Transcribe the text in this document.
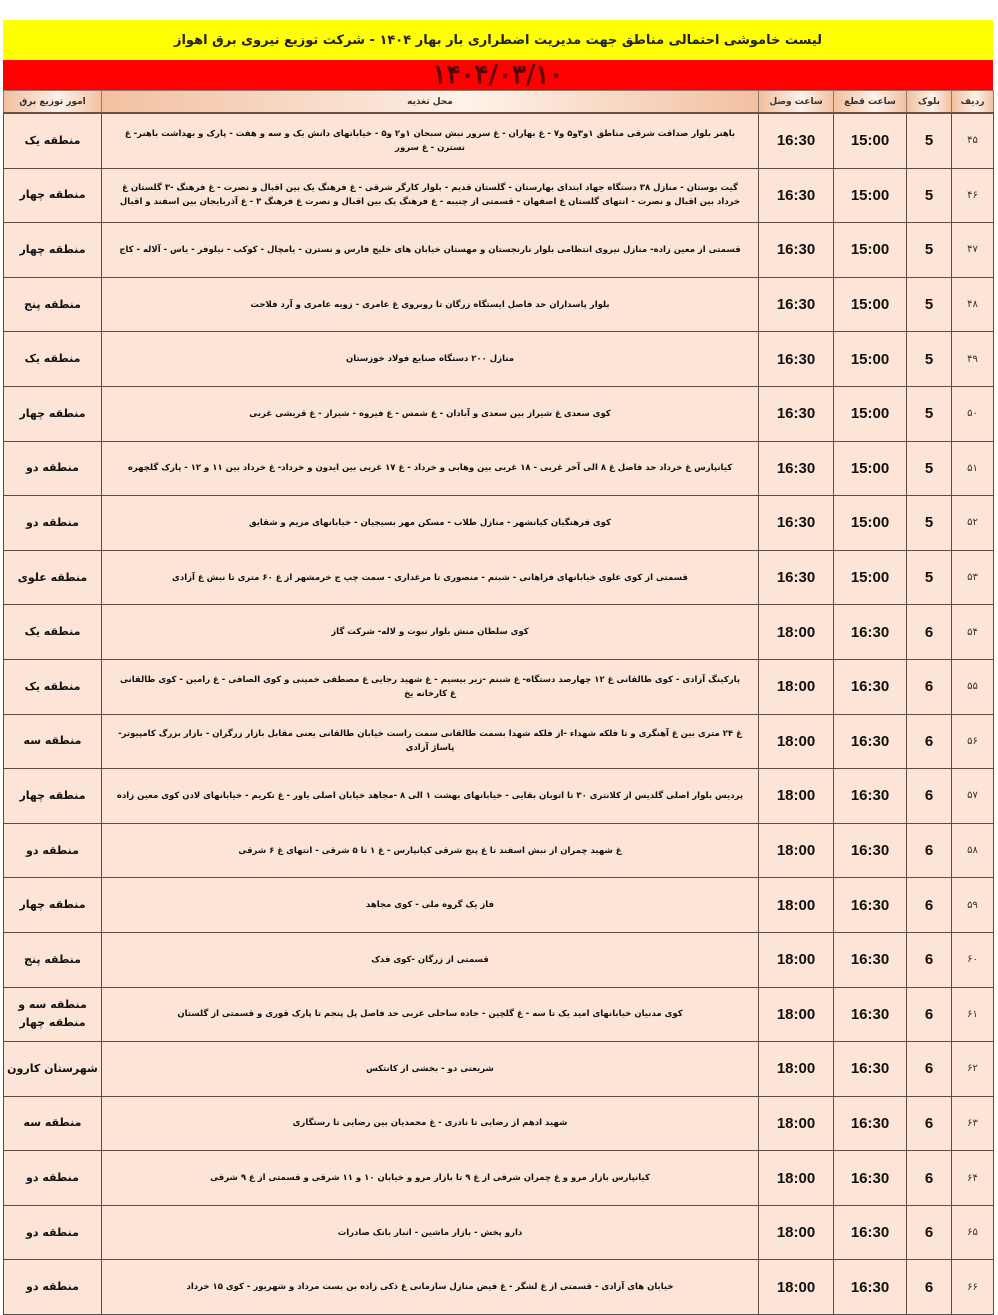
لیست خاموشی احتمالی مناطق جهت مدیریت اضطراری بار بهار ۱۴۰۴ - شرکت توزیع نیروی برق اهواز
۱۴۰۴/۰۳/۱۰
ردیف	بلوک	ساعت قطع	ساعت وصل	محل تغذیه	امور توزیع برق
۴۵	5	15:00	16:30	باهنر بلوار صداقت شرقی مناطق ۱و۳و۵ و۷ - غ بهاران - غ سرور نبش سبحان ۱و۲ و۵ - خیابانهای دانش یک و سه و هفت - پارک و بهداشت باهنر- غ نسترن - غ سرور	منطقه یک
۴۶	5	15:00	16:30	گیت بوستان - منازل ۳۸ دستگاه جهاد ابتدای بهارستان - گلستان قدیم - بلوار کارگر شرقی - غ فرهنگ یک بین اقبال و نصرت - غ فرهنگ -۳ گلستان غ خرداد بین اقبال و نصرت - انتهای گلستان غ اصفهان - قسمتی از چنیبه - غ فرهنگ یک بین اقبال و نصرت غ فرهنگ ۳ - غ آذربایجان بین اسفند و اقبال	منطقه چهار
۴۷	5	15:00	16:30	قسمتی از معین زاده- منازل نیروی انتظامی بلوار نارنجستان و مهستان خیابان های خلیج فارس و نسترن - یامچال - کوکب - نیلوفر - یاس - آلاله - کاج	منطقه چهار
۴۸	5	15:00	16:30	بلوار پاسداران حد فاصل ایستگاه زرگان تا روبروی غ عامری - زویه عامری و آرد فلاحت	منطقه پنج
۴۹	5	15:00	16:30	منازل ۲۰۰ دستگاه صنایع فولاد خوزستان	منطقه یک
۵۰	5	15:00	16:30	کوی سعدی غ شیراز بین سعدی و آبادان - غ شمس - غ فیروه - شیراز - غ قریشی غربی	منطقه چهار
۵۱	5	15:00	16:30	کیانپارس غ خرداد حد فاصل غ ۸ الی آخر غربی - ۱۸ غربی بین وهابی و خرداد - غ ۱۷ غربی بین ایدون و خرداد- غ خرداد بین ۱۱ و ۱۲ - پارک گلچهره	منطقه دو
۵۲	5	15:00	16:30	کوی فرهنگیان کیانشهر - منازل طلاب - مسکن مهر بسیجیان - خیابانهای مریم و شقایق	منطقه دو
۵۳	5	15:00	16:30	قسمتی از کوی علوی خیابانهای فراهانی - شبنم - منصوری تا مرغداری - سمت چپ ج خرمشهر از غ ۶۰ متری تا نبش غ آزادی	منطقه علوی
۵۴	6	16:30	18:00	کوی سلطان منش بلوار نبوت و لاله- شرکت گاز	منطقه یک
۵۵	6	16:30	18:00	پارکینگ آزادی - کوی طالقانی غ ۱۲ چهارصد دستگاه- غ شبنم -زیر بیسیم - غ شهید رجایی غ مصطفی خمینی و کوی الصافی - غ رامین - کوی طالقانی غ کارخانه یخ	منطقه یک
۵۶	6	16:30	18:00	غ ۲۴ متری بین غ آهنگری و تا فلکه شهداء -از فلکه شهدا بسمت طالقانی سمت راست خیابان طالقانی یعنی مقابل بازار زرگران - بازار بزرگ کامپیوتر- پاساژ آزادی	منطقه سه
۵۷	6	16:30	18:00	پردیس بلوار اصلی گلدیس از کلانتری ۳۰ تا اتوبان بقایی - خیابانهای بهشت ۱ الی ۸ -مجاهد خیابان اصلی یاور - غ تکریم - خیابانهای لادن کوی معین زاده	منطقه چهار
۵۸	6	16:30	18:00	غ شهید چمران از نبش اسفند تا غ پنج شرقی کیانپارس - غ ۱ تا ۵ شرقی - انتهای غ ۶ شرقی	منطقه دو
۵۹	6	16:30	18:00	فاز یک گروه ملی - کوی مجاهد	منطقه چهار
۶۰	6	16:30	18:00	قسمتی از زرگان -کوی فدک	منطقه پنج
۶۱	6	16:30	18:00	کوی مدنیان خیابانهای امید یک تا سه - غ گلچین - جاده ساحلی غربی حد فاصل پل پنجم تا پارک قوری و قسمتی از گلستان	منطقه سه و منطقه چهار
۶۲	6	16:30	18:00	شریعتی دو - بخشی از کانتکس	شهرستان کارون
۶۳	6	16:30	18:00	شهید ادهم از رضایی تا نادری - غ محمدیان بین رضایی تا رستگاری	منطقه سه
۶۴	6	16:30	18:00	کیانپارس بازار مرو و غ چمران شرقی از غ ۹ تا بازار مرو و خیابان ۱۰ و ۱۱ شرقی و قسمتی از غ ۹ شرقی	منطقه دو
۶۵	6	16:30	18:00	دارو پخش - بازار ماشین - انبار بانک صادرات	منطقه دو
۶۶	6	16:30	18:00	خیابان های آزادی - قسمتی از غ لشگر - غ فیض منازل سازمانی غ ذکی زاده بن بست مرداد و شهریور - کوی ۱۵ خرداد	منطقه دو
